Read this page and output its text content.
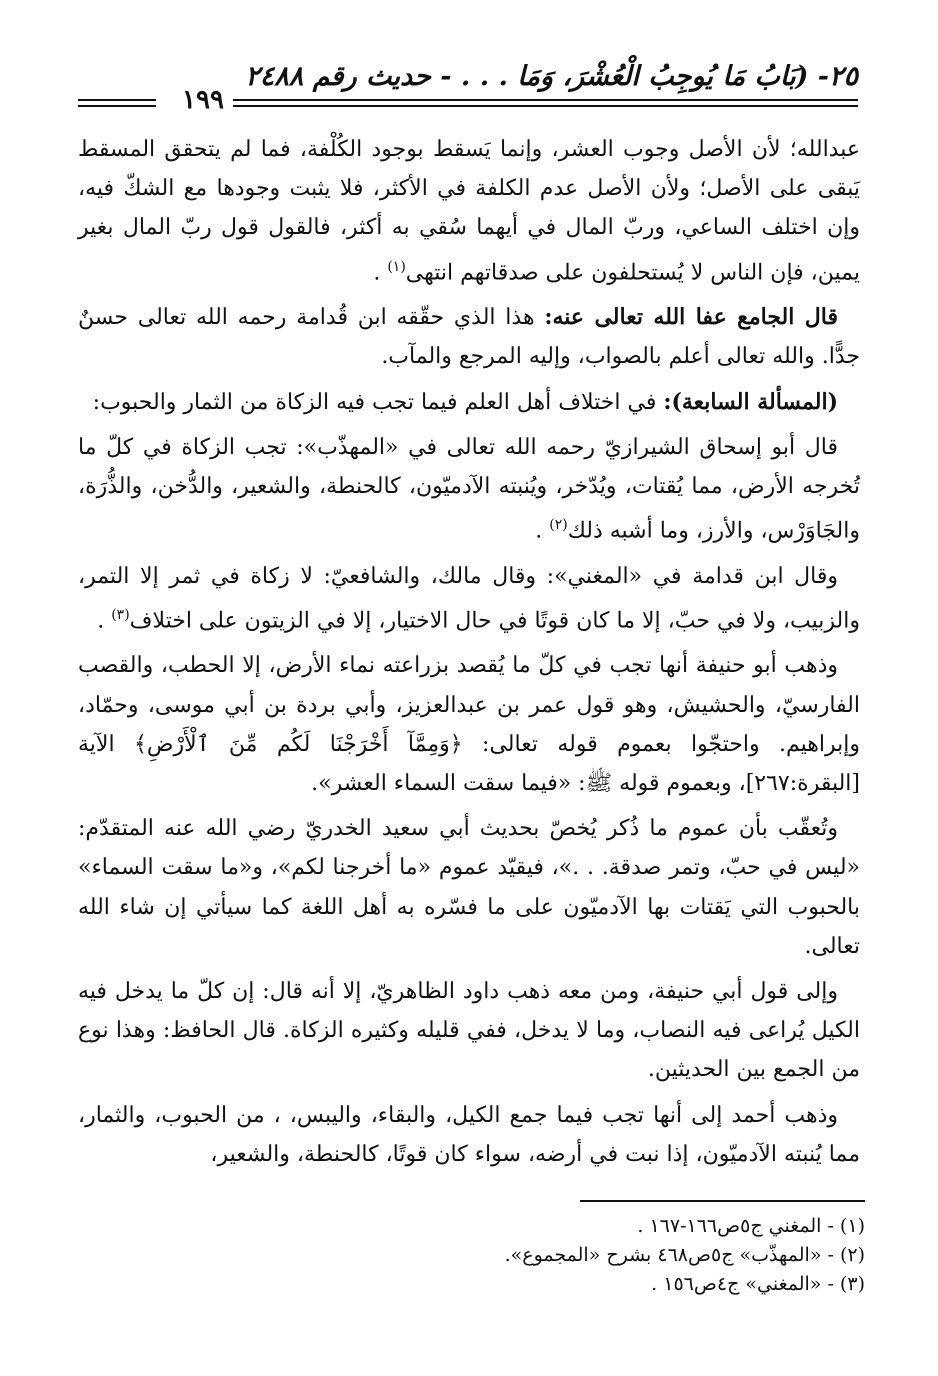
٢٥- (بَابُ مَا يُوجِبُ الْعُشْرَ، وَمَا . . . - حديث رقم ٢٤٨٨
١٩٩

عبدالله؛ لأن الأصل وجوب العشر، وإنما يَسقط بوجود الكُلْفة، فما لم يتحقق المسقط يَبقى على الأصل؛ ولأن الأصل عدم الكلفة في الأكثر، فلا يثبت وجودها مع الشكّ فيه، وإن اختلف الساعي، وربّ المال في أيهما سُقي به أكثر، فالقول قول ربّ المال بغير يمين، فإن الناس لا يُستحلفون على صدقاتهم انتهى$^{(١)}$ .

قال الجامع عفا الله تعالى عنه: هذا الذي حقّقه ابن قُدامة رحمه الله تعالى حسنٌ جدًّا. والله تعالى أعلم بالصواب، وإليه المرجع والمآب.

(المسألة السابعة): في اختلاف أهل العلم فيما تجب فيه الزكاة من الثمار والحبوب:

قال أبو إسحاق الشيرازيّ رحمه الله تعالى في «المهذّب»: تجب الزكاة في كلّ ما تُخرجه الأرض، مما يُقتات، ويُدّخر، ويُنبته الآدميّون، كالحنطة، والشعير، والدُّخن، والذُّرَة، والجَاوَرْس، والأرز، وما أشبه ذلك$^{(٢)}$ .

وقال ابن قدامة في «المغني»: وقال مالك، والشافعيّ: لا زكاة في ثمر إلا التمر، والزبيب، ولا في حبّ، إلا ما كان قوتًا في حال الاختيار، إلا في الزيتون على اختلاف$^{(٣)}$ .

وذهب أبو حنيفة أنها تجب في كلّ ما يُقصد بزراعته نماء الأرض، إلا الحطب، والقصب الفارسيّ، والحشيش، وهو قول عمر بن عبدالعزيز، وأبي بردة بن أبي موسى، وحمّاد، وإبراهيم. واحتجّوا بعموم قوله تعالى: ﴿وَمِمَّآ أَخْرَجْنَا لَكُم مِّنَ ٱلْأَرْضِ﴾ الآية [البقرة:٢٦٧]، وبعموم قوله ﷺ: «فيما سقت السماء العشر».

وتُعقّب بأن عموم ما ذُكر يُخصّ بحديث أبي سعيد الخدريّ رضي الله عنه المتقدّم: «ليس في حبّ، وتمر صدقة. . .»، فيقيّد عموم «ما أخرجنا لكم»، و«ما سقت السماء» بالحبوب التي يَقتات بها الآدميّون على ما فسّره به أهل اللغة كما سيأتي إن شاء الله تعالى.

وإلى قول أبي حنيفة، ومن معه ذهب داود الظاهريّ، إلا أنه قال: إن كلّ ما يدخل فيه الكيل يُراعى فيه النصاب، وما لا يدخل، ففي قليله وكثيره الزكاة. قال الحافظ: وهذا نوع من الجمع بين الحديثين.

وذهب أحمد إلى أنها تجب فيما جمع الكيل، والبقاء، واليبس، ، من الحبوب، والثمار، مما يُنبته الآدميّون، إذا نبت في أرضه، سواء كان قوتًا، كالحنطة، والشعير،

(١) - المغني ج٥ص١٦٦-١٦٧ .
(٢) - «المهذّب» ج٥ص٤٦٨ بشرح «المجموع».
(٣) - «المغني» ج٤ص١٥٦ .
